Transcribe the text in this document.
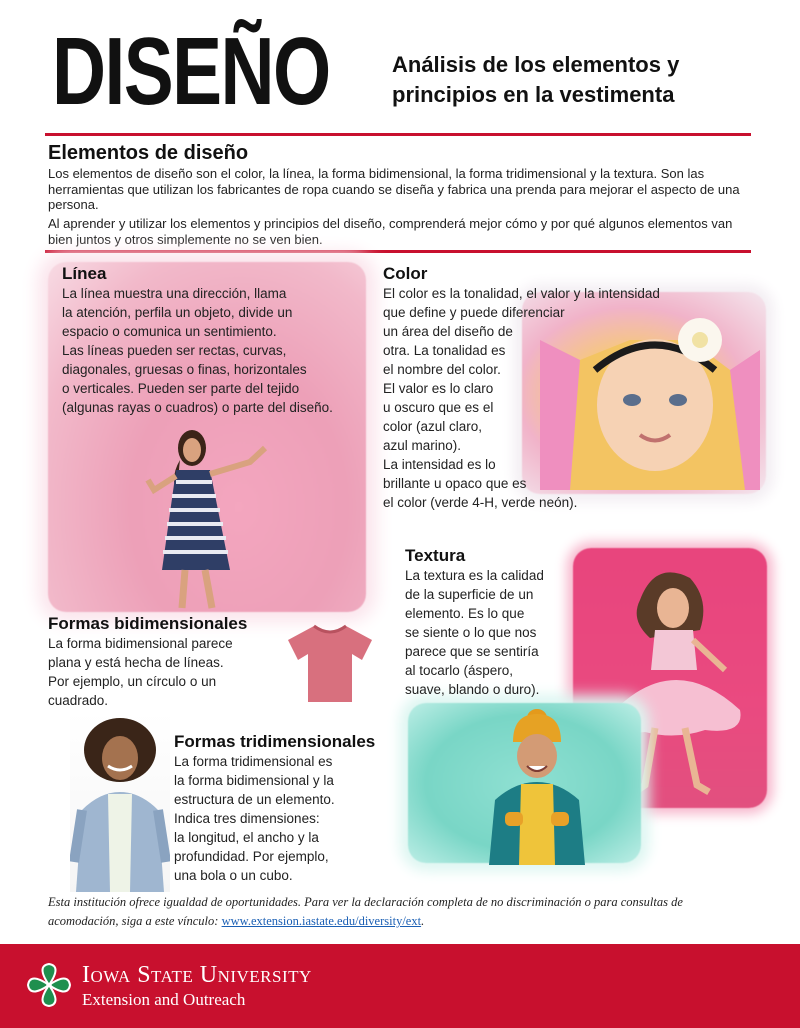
DISEÑO	Análisis de los elementos y
principios en la vestimenta
Elementos de diseño
Los elementos de diseño son el color, la línea, la forma bidimensional, la forma tridimensional y la textura. Son las herramientas que utilizan los fabricantes de ropa cuando se diseña y fabrica una prenda para mejorar el aspecto de una persona.
Al aprender y utilizar los elementos y principios del diseño, comprenderá mejor cómo y por qué algunos elementos van bien juntos y otros simplemente no se ven bien.
Línea
La línea muestra una dirección, llama
la atención, perfila un objeto, divide un
espacio o comunica un sentimiento.
Las líneas pueden ser rectas, curvas,
diagonales, gruesas o finas, horizontales
o verticales. Pueden ser parte del tejido
(algunas rayas o cuadros) o parte del diseño.
Color
El color es la tonalidad, el valor y la intensidad
que define y puede diferenciar
un área del diseño de
otra. La tonalidad es
el nombre del color.
El valor es lo claro
u oscuro que es el
color (azul claro,
azul marino).
La intensidad es lo
brillante u opaco que es
el color (verde 4-H, verde neón).
Textura
La textura es la calidad
de la superficie de un
elemento. Es lo que
se siente o lo que nos
parece que se sentiría
al tocarlo (áspero,
suave, blando o duro).
Formas bidimensionales
La forma bidimensional parece
plana y está hecha de líneas.
Por ejemplo, un círculo o un
cuadrado.
Formas tridimensionales
La forma tridimensional es
la forma bidimensional y la
estructura de un elemento.
Indica tres dimensiones:
la longitud, el ancho y la
profundidad. Por ejemplo,
una bola o un cubo.
Esta institución ofrece igualdad de oportunidades. Para ver la declaración completa de no discriminación o para consultas de acomodación, siga a este vínculo: www.extension.iastate.edu/diversity/ext.
H Iowa State University
Extension and Outreach
